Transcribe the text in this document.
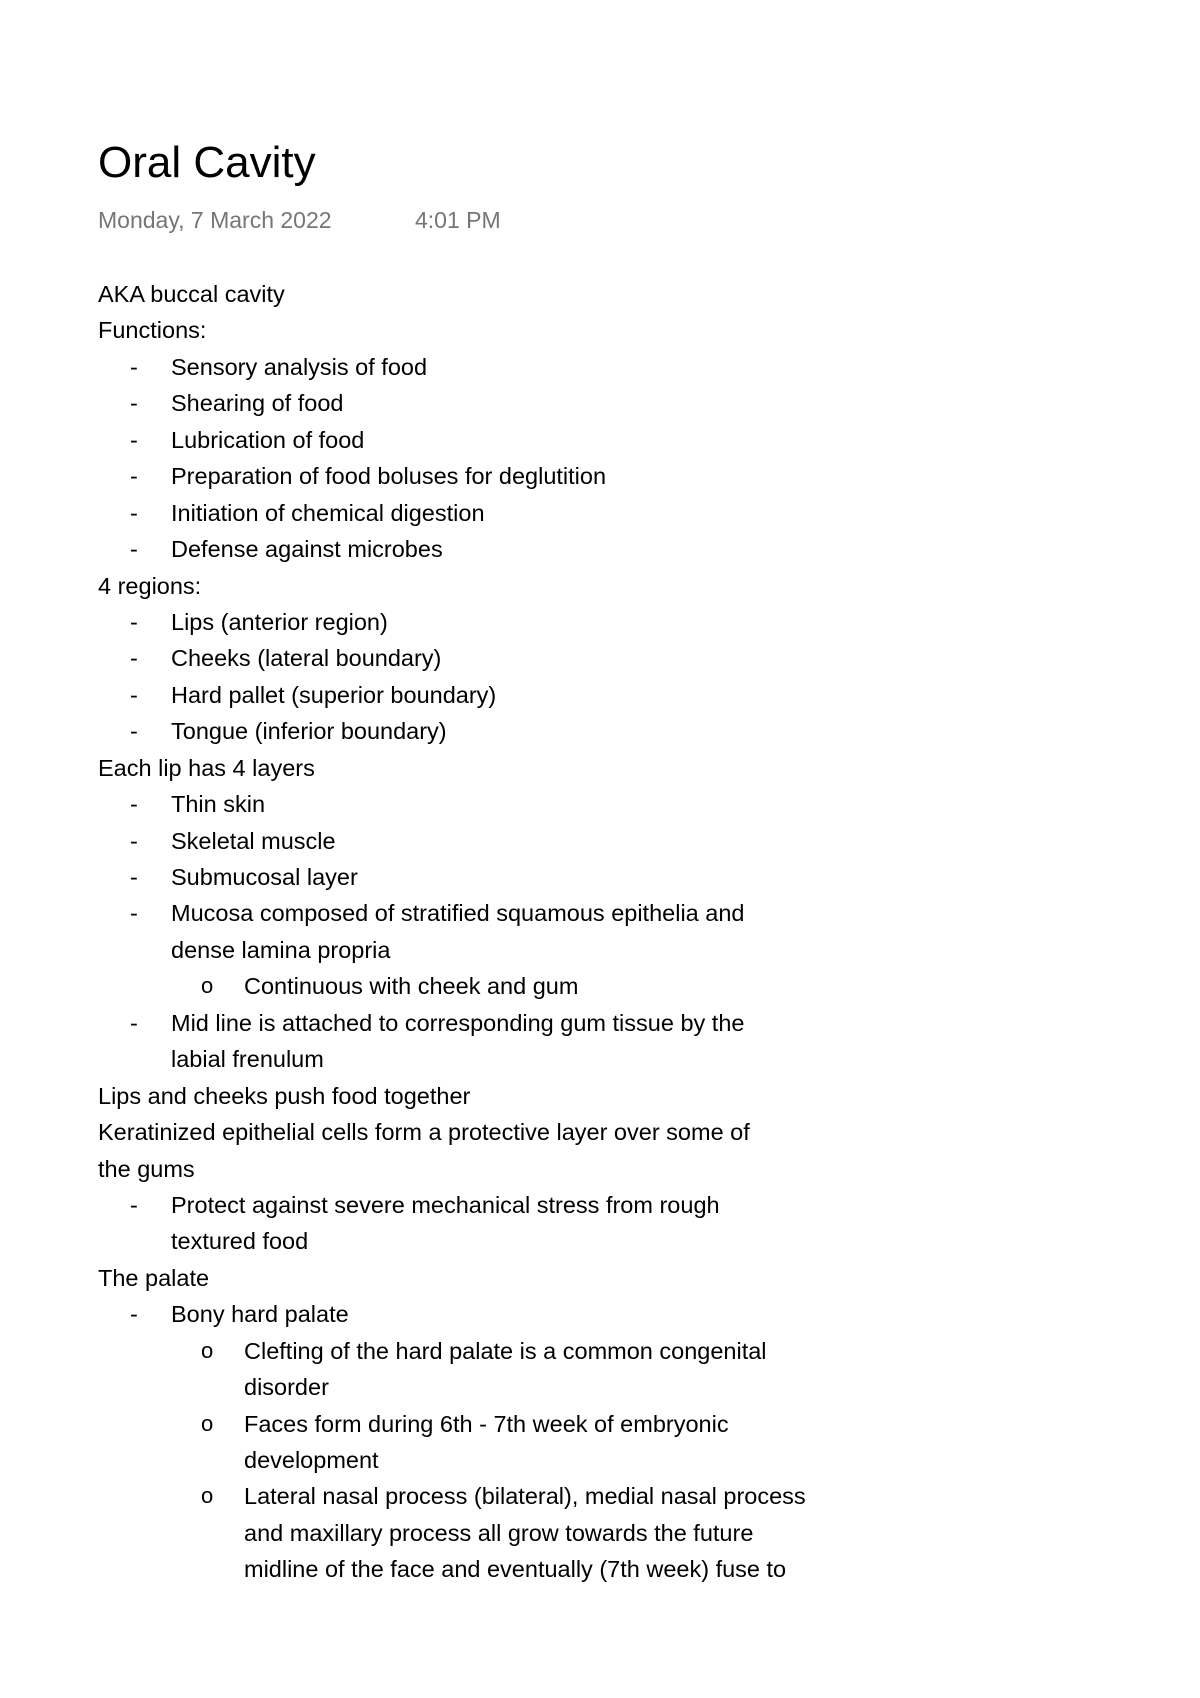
Oral Cavity
Monday, 7 March 2022	4:01 PM
AKA buccal cavity
Functions:
- Sensory analysis of food
- Shearing of food
- Lubrication of food
- Preparation of food boluses for deglutition
- Initiation of chemical digestion
- Defense against microbes
4 regions:
- Lips (anterior region)
- Cheeks (lateral boundary)
- Hard pallet (superior boundary)
- Tongue (inferior boundary)
Each lip has 4 layers
- Thin skin
- Skeletal muscle
- Submucosal layer
- Mucosa composed of stratified squamous epithelia and
dense lamina propria
o Continuous with cheek and gum
- Mid line is attached to corresponding gum tissue by the
labial frenulum
Lips and cheeks push food together
Keratinized epithelial cells form a protective layer over some of
the gums
- Protect against severe mechanical stress from rough
textured food
The palate
- Bony hard palate
o Clefting of the hard palate is a common congenital
disorder
o Faces form during 6th - 7th week of embryonic
development
o Lateral nasal process (bilateral), medial nasal process
and maxillary process all grow towards the future
midline of the face and eventually (7th week) fuse to
